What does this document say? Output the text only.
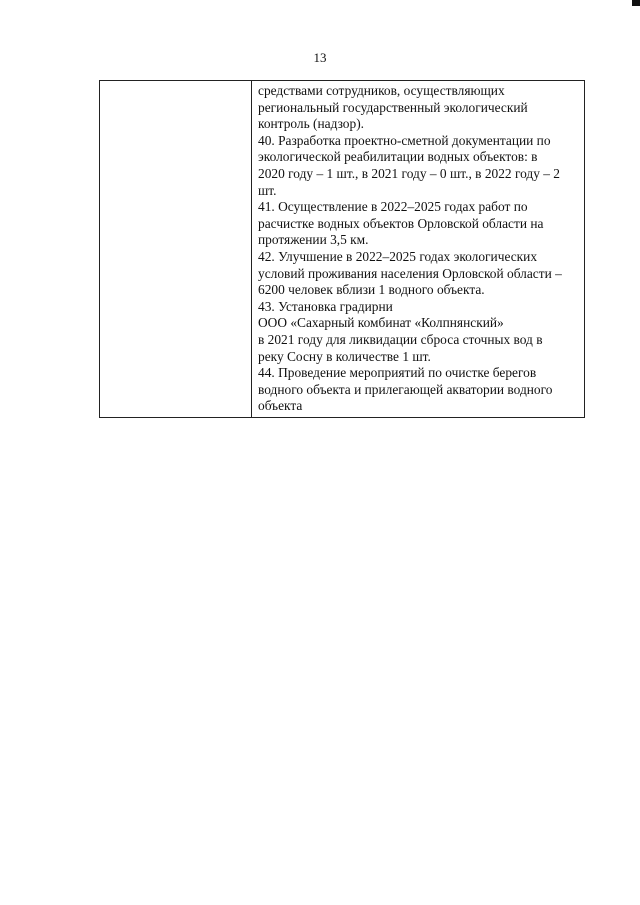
13

средствами сотрудников, осуществляющих
региональный государственный экологический
контроль (надзор).
40. Разработка проектно-сметной документации по
экологической реабилитации водных объектов: в
2020 году – 1 шт., в 2021 году – 0 шт., в 2022 году – 2
шт.
41. Осуществление в 2022–2025 годах работ по
расчистке водных объектов Орловской области на
протяжении 3,5 км.
42. Улучшение в 2022–2025 годах экологических
условий проживания населения Орловской области –
6200 человек вблизи 1 водного объекта.
43. Установка градирни
ООО «Сахарный комбинат «Колпнянский»
в 2021 году для ликвидации сброса сточных вод в
реку Сосну в количестве 1 шт.
44. Проведение мероприятий по очистке берегов
водного объекта и прилегающей акватории водного
объекта
